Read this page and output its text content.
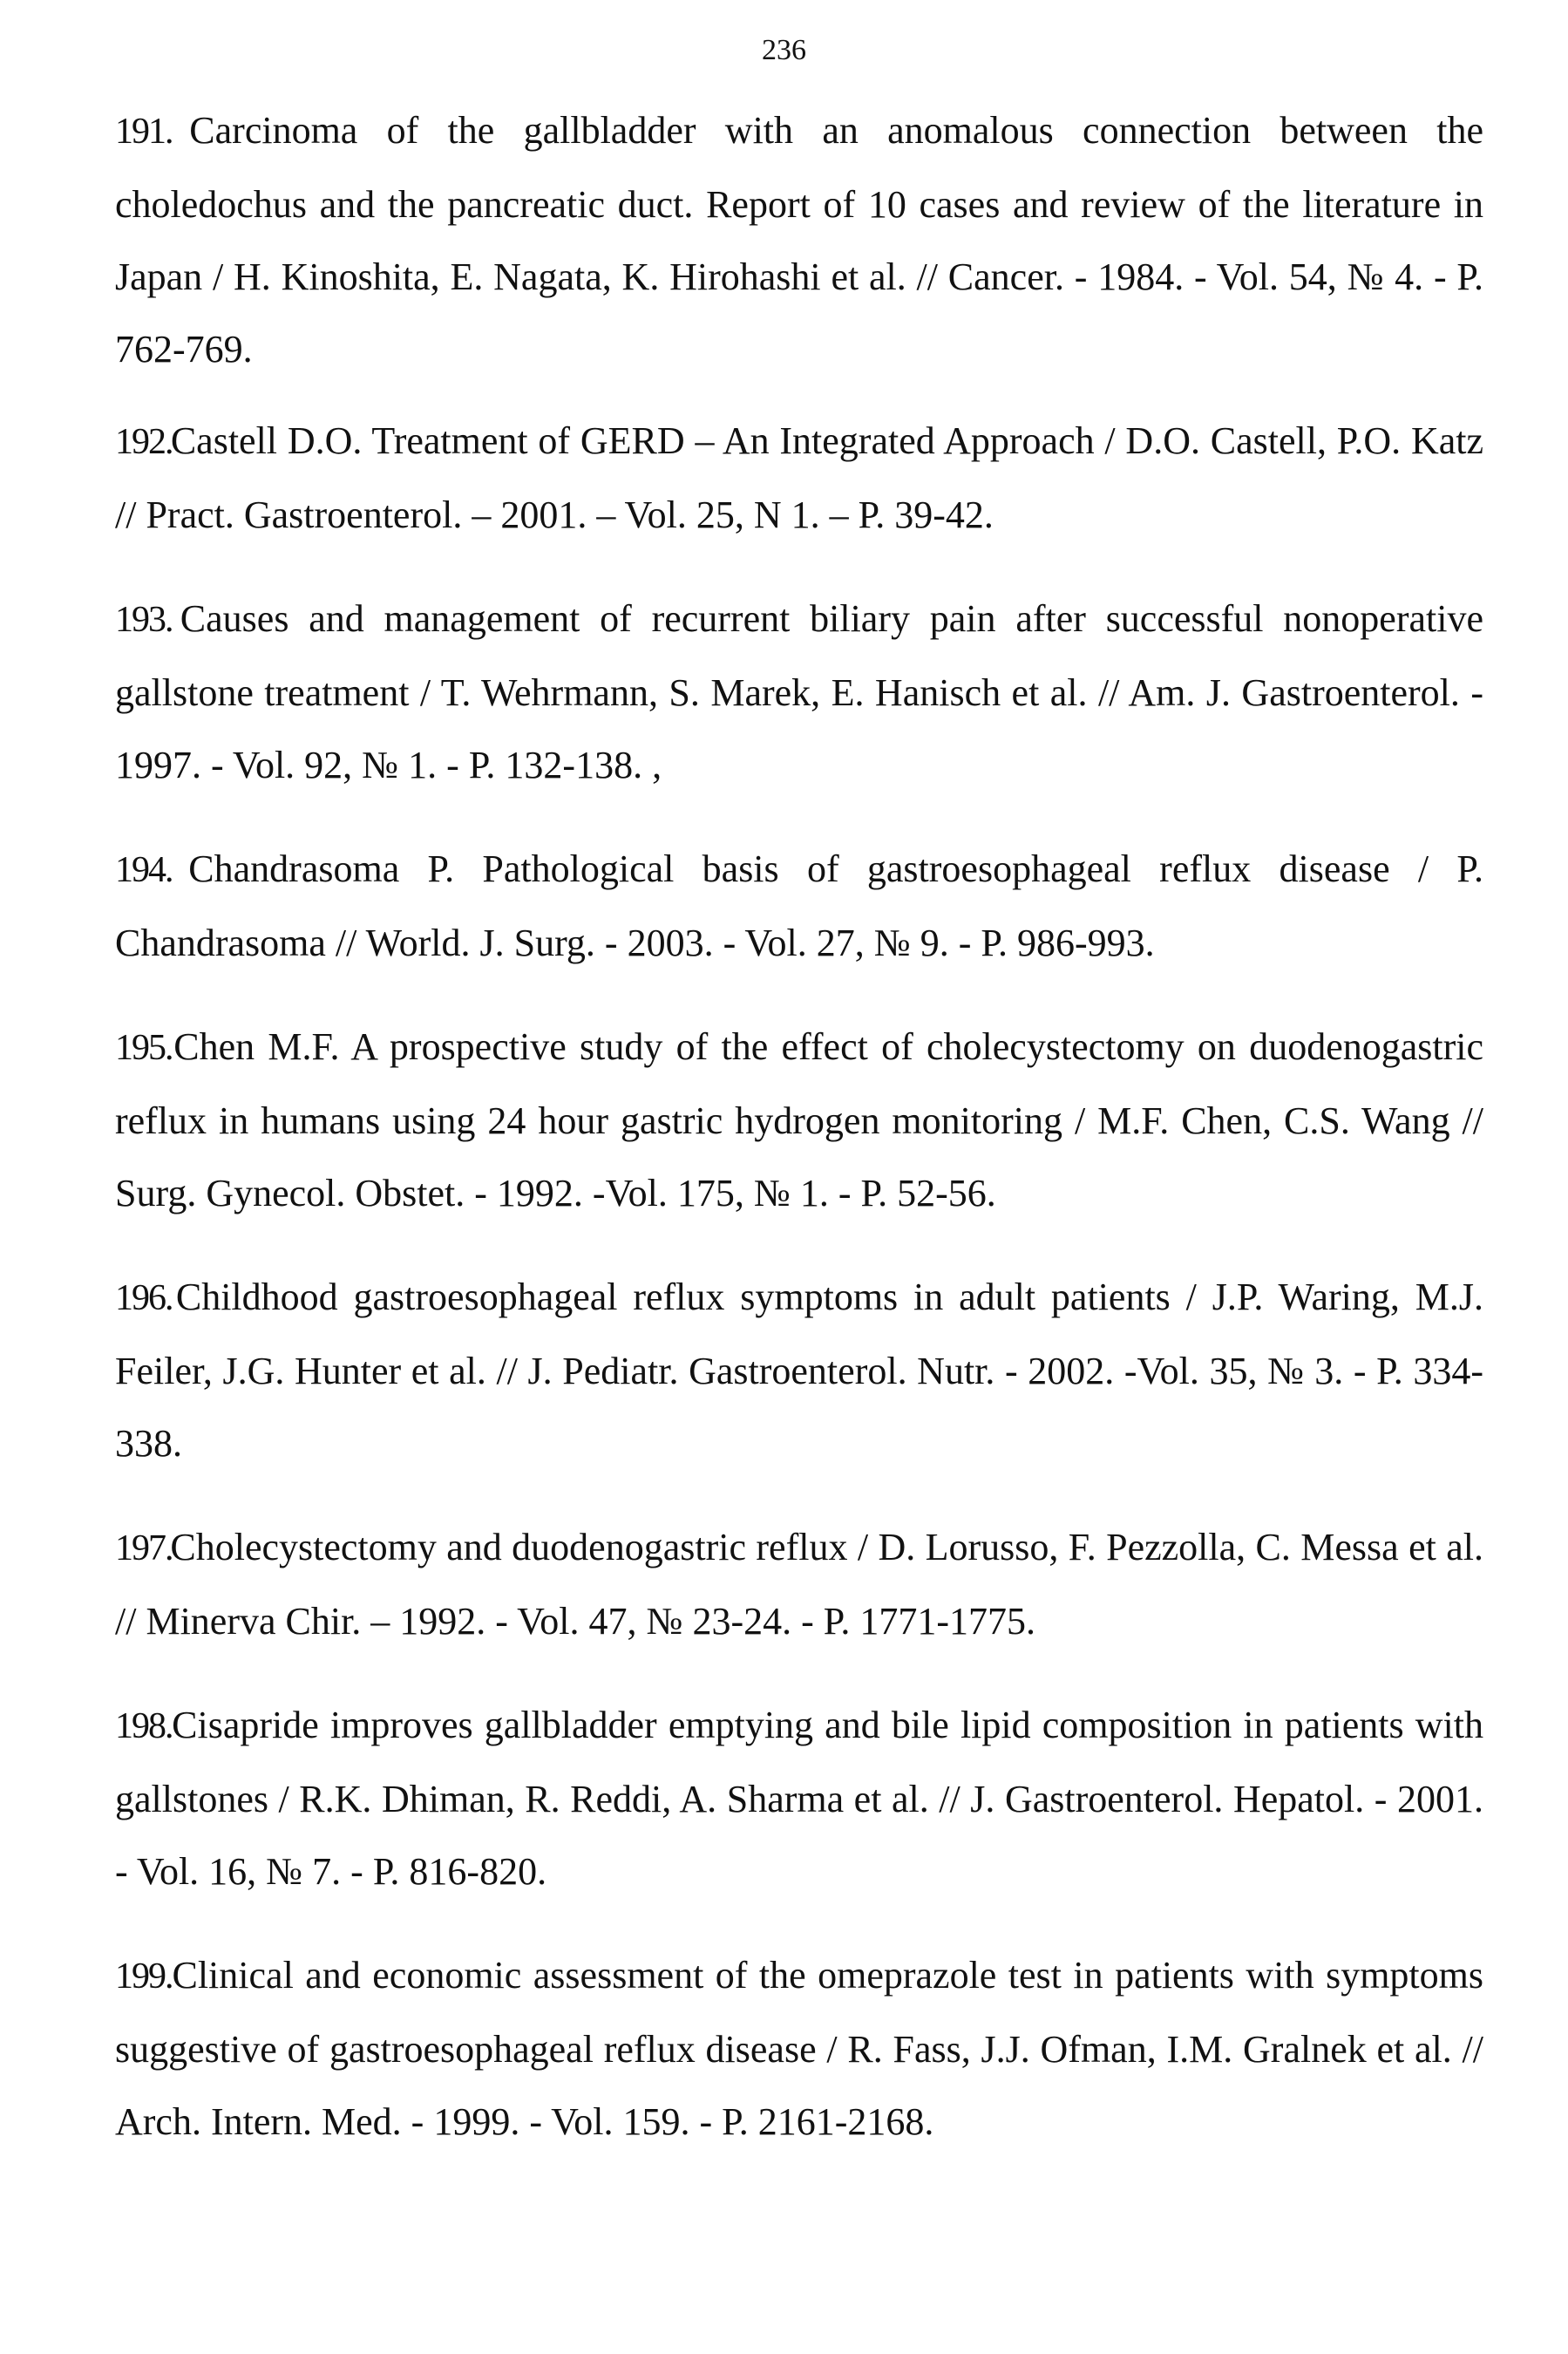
236
191. Carcinoma of the gallbladder with an anomalous connection between the choledochus and the pancreatic duct. Report of 10 cases and review of the literature in Japan / H. Kinoshita, E. Nagata, K. Hirohashi et al. // Cancer. - 1984. - Vol. 54, № 4. - P. 762-769.
192. Castell D.O. Treatment of GERD – An Integrated Approach / D.O. Castell, P.O. Katz // Pract. Gastroenterol. – 2001. – Vol. 25, N 1. – P. 39-42.
193. Causes and management of recurrent biliary pain after successful nonoperative gallstone treatment / T. Wehrmann, S. Marek, E. Hanisch et al. // Am. J. Gastroenterol. - 1997. - Vol. 92, № 1. - P. 132-138. ,
194. Chandrasoma P. Pathological basis of gastroesophageal reflux disease / P. Chandrasoma // World. J. Surg. - 2003. - Vol. 27, № 9. - P. 986-993.
195. Chen M.F. A prospective study of the effect of cholecystectomy on duodenogastric reflux in humans using 24 hour gastric hydrogen monitoring / M.F. Chen, C.S. Wang // Surg. Gynecol. Obstet. - 1992. -Vol. 175, № 1. - P. 52-56.
196. Childhood gastroesophageal reflux symptoms in adult patients / J.P. Waring, M.J. Feiler, J.G. Hunter et al. // J. Pediatr. Gastroenterol. Nutr. - 2002. -Vol. 35, № 3. - P. 334-338.
197. Cholecystectomy and duodenogastric reflux / D. Lorusso, F. Pezzolla, C. Messa et al. // Minerva Chir. – 1992. - Vol. 47, № 23-24. - P. 1771-1775.
198. Cisapride improves gallbladder emptying and bile lipid composition in patients with gallstones / R.K. Dhiman, R. Reddi, A. Sharma et al. // J. Gastroenterol. Hepatol. - 2001. - Vol. 16, № 7. - P. 816-820.
199. Clinical and economic assessment of the omeprazole test in patients with symptoms suggestive of gastroesophageal reflux disease / R. Fass, J.J. Ofman, I.M. Gralnek et al. // Arch. Intern. Med. - 1999. - Vol. 159. - P. 2161-2168.
